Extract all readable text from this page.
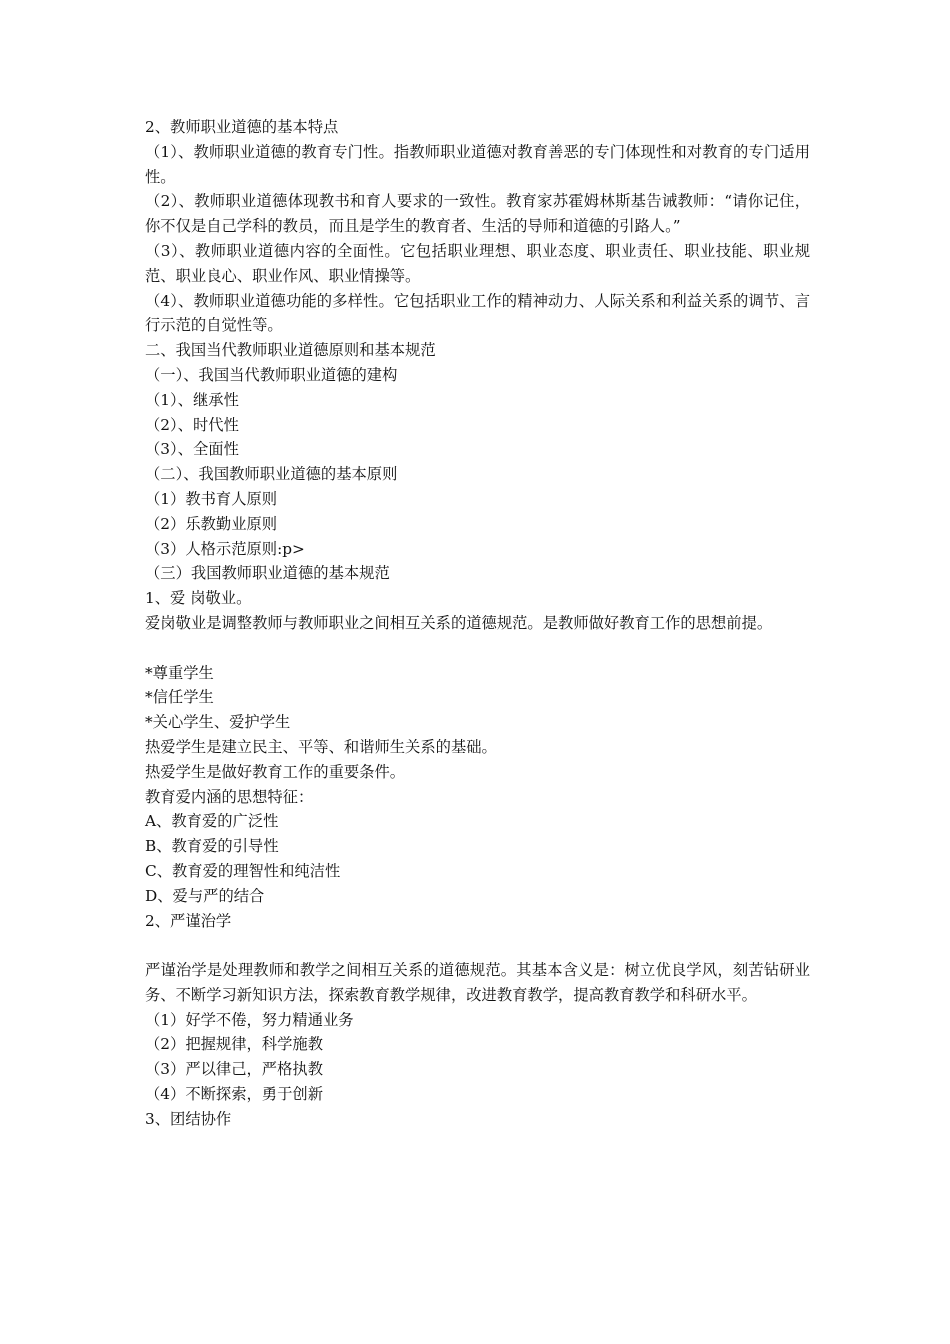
2、教师职业道德的基本特点

（1）、教师职业道德的教育专门性。指教师职业道德对教育善恶的专门体现性和对教育的专门适用性。

（2）、教师职业道德体现教书和育人要求的一致性。教育家苏霍姆林斯基告诫教师：“请你记住，你不仅是自己学科的教员，而且是学生的教育者、生活的导师和道德的引路人。”

（3）、教师职业道德内容的全面性。它包括职业理想、职业态度、职业责任、职业技能、职业规范、职业良心、职业作风、职业情操等。

（4）、教师职业道德功能的多样性。它包括职业工作的精神动力、人际关系和利益关系的调节、言行示范的自觉性等。

二、我国当代教师职业道德原则和基本规范

（一）、我国当代教师职业道德的建构

（1）、继承性

（2）、时代性

（3）、全面性

（二）、我国教师职业道德的基本原则

（1）教书育人原则

（2）乐教勤业原则

（3）人格示范原则:p>

（三）我国教师职业道德的基本规范

1、爱 岗敬业。

爱岗敬业是调整教师与教师职业之间相互关系的道德规范。是教师做好教育工作的思想前提。

*尊重学生

*信任学生

*关心学生、爱护学生

热爱学生是建立民主、平等、和谐师生关系的基础。

热爱学生是做好教育工作的重要条件。

教育爱内涵的思想特征：

A、教育爱的广泛性

B、教育爱的引导性

C、教育爱的理智性和纯洁性

D、爱与严的结合

2、严谨治学

严谨治学是处理教师和教学之间相互关系的道德规范。其基本含义是：树立优良学风，刻苦钻研业务、不断学习新知识方法，探索教育教学规律，改进教育教学，提高教育教学和科研水平。

（1）好学不倦，努力精通业务

（2）把握规律，科学施教

（3）严以律己，严格执教

（4）不断探索，勇于创新

3、团结协作
